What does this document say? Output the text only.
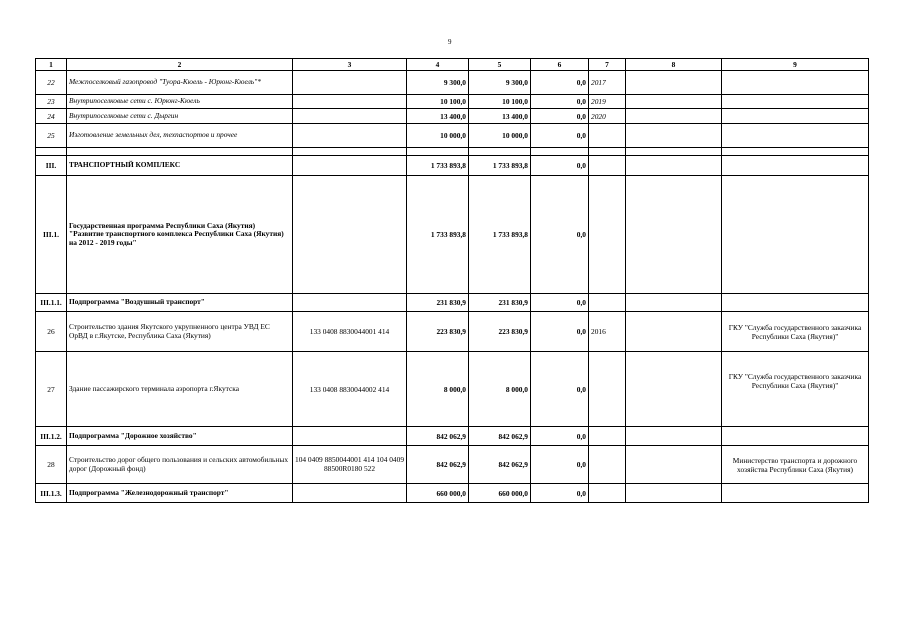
9
1	2	3	4	5	6	7	8	9
22	Межпоселковый газопровод "Туора-Кюель - Юрюнг-Кюель"*		9 300,0	9 300,0	0,0	2017		
23	Внутрипоселковые сети с. Юрюнг-Кюель		10 100,0	10 100,0	0,0	2019		
24	Внутрипоселковые сети с. Дыргин		13 400,0	13 400,0	0,0	2020		
25	Изготовление земельных дел, техпаспортов и прочее		10 000,0	10 000,0	0,0			

III.	ТРАНСПОРТНЫЙ КОМПЛЕКС		1 733 893,8	1 733 893,8	0,0			
III.1.	Государственная программа Республики Саха (Якутия) "Развитие транспортного комплекса Республики Саха (Якутия) на 2012 - 2019 годы"		1 733 893,8	1 733 893,8	0,0			
III.1.1.	Подпрограмма "Воздушный транспорт"		231 830,9	231 830,9	0,0			
26	Строительство здания Якутского укрупненного центра УВД ЕС ОрВД в г.Якутске, Республика Саха (Якутия)	133 0408 8830044001 414	223 830,9	223 830,9	0,0	2016		ГКУ "Служба государственного заказчика Республики Саха (Якутия)"
27	Здание пассажирского терминала аэропорта г.Якутска	133 0408 8830044002 414	8 000,0	8 000,0	0,0			ГКУ "Служба государственного заказчика Республики Саха (Якутия)"
III.1.2.	Подпрограмма "Дорожное хозяйство"		842 062,9	842 062,9	0,0			
28	Строительство дорог общего пользования и сельских автомобильных дорог (Дорожный фонд)	104 0409 8850044001 414 104 0409 88500R0180 522	842 062,9	842 062,9	0,0			Министерство транспорта и дорожного хозяйства Республики Саха (Якутия)
III.1.3.	Подпрограмма "Железнодорожный транспорт"		660 000,0	660 000,0	0,0			
